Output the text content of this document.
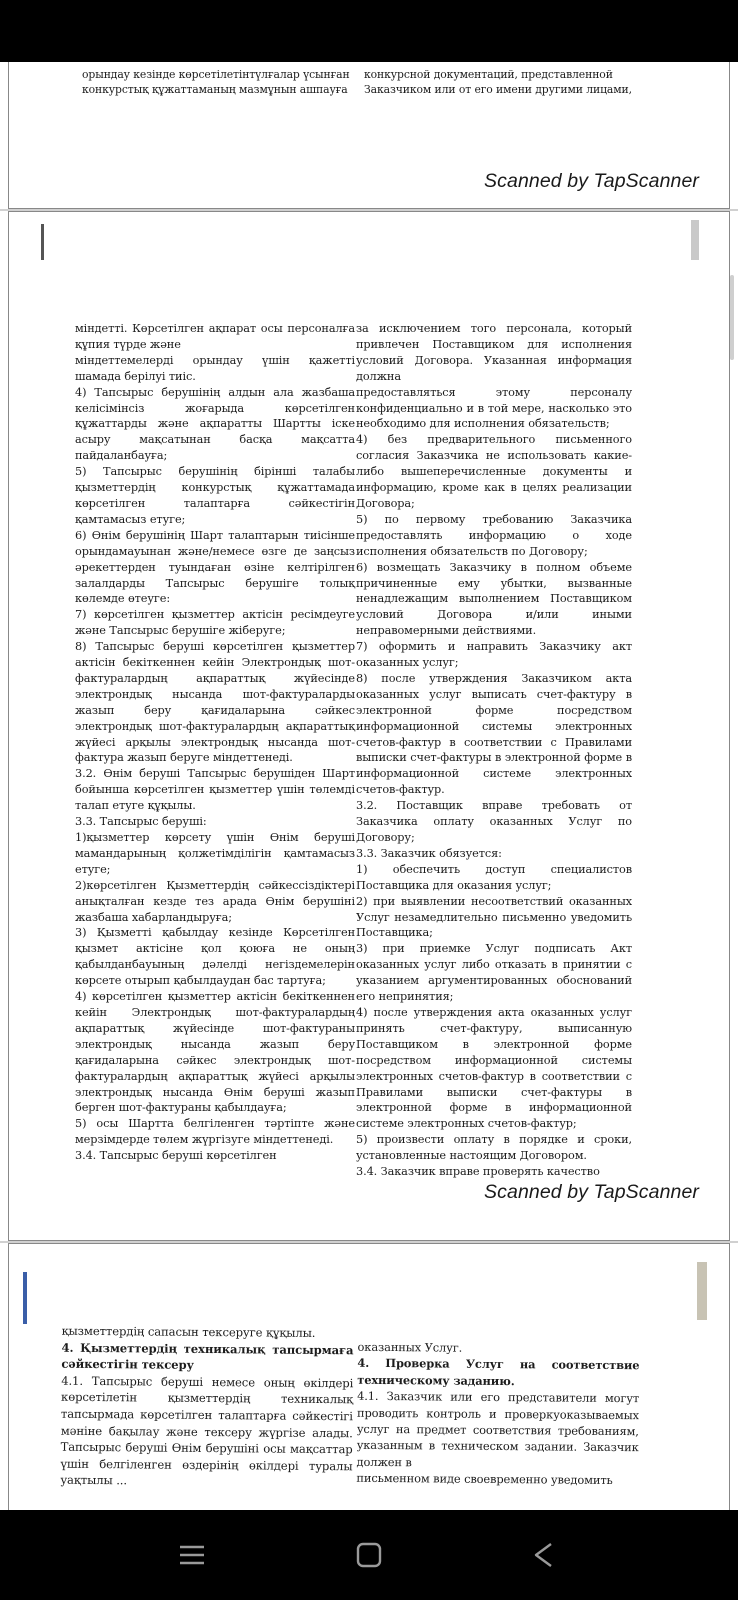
орындау кезінде көрсетілетінтүлғалар үсынған

конкурстық құжаттаманың мазмұнын ашпауға

конкурсной документаций, представленной

Заказчиком или от его имени другими лицами,

Scanned by TapScanner

міндетті. Көрсетілген ақпарат осы персоналға құпия түрде және

міндеттемелерді орындау үшін қажетті шамада берілуі тиіс.

4) Тапсырыс берушінің алдын ала жазбаша келісімінсіз жоғарыда көрсетілген құжаттарды және ақпаратты Шартты іске асыру мақсатынан басқа мақсатта пайдаланбауға;

5) Тапсырыс берушінің бірінші талабы қызметтердің конкурстық құжаттамада көрсетілген талаптарға сәйкестігін қамтамасыз етуге;

6) Өнім берушінің Шарт талаптарын тиісінше орындамауынан және/немесе өзге де заңсыз әрекеттерден туындаған өзіне келтірілген залалдарды Тапсырыс берушіге толық көлемде өтеуге:

7) көрсетілген қызметтер актісін ресімдеуге және Тапсырыс берушіге жіберуге;

8) Тапсырыс беруші көрсетілген қызметтер актісін бекіткеннен кейін Электрондық шот-фактуралардың ақпараттық жүйесінде электрондық нысанда шот-фактураларды жазып беру қағидаларына сәйкес электрондық шот-фактуралардың ақпараттық жүйесі арқылы электрондық нысанда шот-фактура жазып беруге міндеттенеді.

3.2. Өнім беруші Тапсырыс берушіден Шарт бойынша көрсетілген қызметтер үшін төлемді талап етуге құқылы.

3.3. Тапсырыс беруші:

1)қызметтер көрсету үшін Өнім беруші мамандарының қолжетімділігін қамтамасыз етуге;

2)көрсетілген Қызметтердің сәйкессіздіктері анықталған кезде тез арада Өнім берушіні жазбаша хабарландыруға;

3) Қызметті қабылдау кезінде Көрсетілген қызмет актісіне қол қоюға не оның қабылданбауының дәлелді негіздемелерін көрсете отырып қабылдаудан бас тартуға;

4) көрсетілген қызметтер актісін бекіткеннен кейін Электрондық шот-фактуралардың ақпараттық жүйесінде шот-фактураны электрондық нысанда жазып беру қағидаларына сәйкес электрондық шот-фактуралардың ақпараттық жүйесі арқылы электрондық нысанда Өнім беруші жазып берген шот-фактураны қабылдауға;

5) осы Шартта белгіленген тәртіпте және мерзімдерде төлем жүргізуге міндеттенеді.

3.4. Тапсырыс беруші көрсетілген

за исключением того персонала, который привлечен Поставщиком для исполнения условий Договора. Указанная информация должна

предоставляться этому персоналу конфиденциально и в той мере, насколько это необходимо для исполнения обязательств;

4) без предварительного письменного согласия Заказчика не использовать какие-либо вышеперечисленные документы и информацию, кроме как в целях реализации Договора;

5) по первому требованию Заказчика предоставлять информацию о ходе исполнения обязательств по Договору;

6) возмещать Заказчику в полном объеме причиненные ему убытки, вызванные ненадлежащим выполнением Поставщиком условий Договора и/или иными неправомерными действиями.

7) оформить и направить Заказчику акт оказанных услуг;

8) после утверждения Заказчиком акта оказанных услуг выписать счет-фактуру в электронной форме посредством информационной системы электронных счетов-фактур в соответствии с Правилами выписки счет-фактуры в электронной форме в информационной системе электронных счетов-фактур.

3.2. Поставщик вправе требовать от Заказчика оплату оказанных Услуг по Договору;

3.3. Заказчик обязуется:

1) обеспечить доступ специалистов Поставщика для оказания услуг;

2) при выявлении несоответствий оказанных Услуг незамедлительно письменно уведомить Поставщика;

3) при приемке Услуг подписать Акт оказанных услуг либо отказать в принятии с указанием аргументированных обоснований его непринятия;

4) после утверждения акта оказанных услуг принять счет-фактуру, выписанную Поставщиком в электронной форме посредством информационной системы электронных счетов-фактур в соответствии с Правилами выписки счет-фактуры в электронной форме в информационной системе электронных счетов-фактур;

5) произвести оплату в порядке и сроки, установленные настоящим Договором.

3.4. Заказчик вправе проверять качество

Scanned by TapScanner

қызметтердің сапасын тексеруге құқылы.

4. Қызметтердің техникалық тапсырмаға сәйкестігін тексеру

4.1. Тапсырыс беруші немесе оның өкілдері көрсетілетін қызметтердің техникалық тапсырмада көрсетілген талаптарға сәйкестігі мәніне бақылау және тексеру жүргізе алады. Тапсырыс беруші Өнім берушіні осы мақсаттар үшін белгіленген өздерінің өкілдері туралы уақтылы ...

оказанных Услуг.

4. Проверка Услуг на соответствие техническому заданию.

4.1. Заказчик или его представители могут проводить контроль и проверкуоказываемых услуг на предмет соответствия требованиям, указанным в техническом задании. Заказчик должен в

письменном виде своевременно уведомить
